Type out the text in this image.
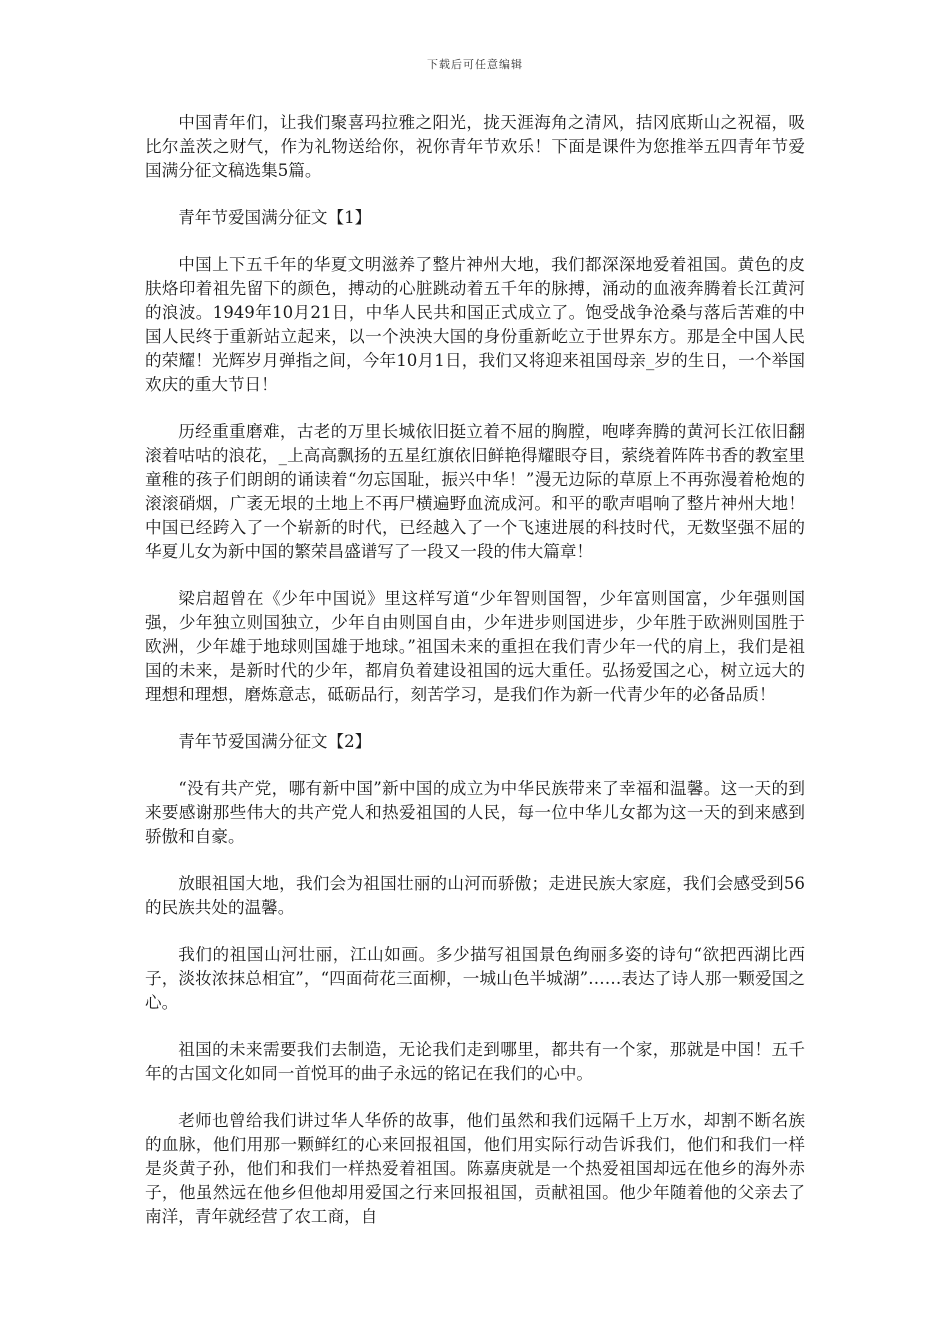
下载后可任意编辑

中国青年们，让我们聚喜玛拉雅之阳光，拢天涯海角之清风，拮冈底斯山之祝福，吸比尔盖茨之财气，作为礼物送给你，祝你青年节欢乐！下面是课件为您推举五四青年节爱国满分征文稿选集5篇。

青年节爱国满分征文【1】

中国上下五千年的华夏文明滋养了整片神州大地，我们都深深地爱着祖国。黄色的皮肤烙印着祖先留下的颜色，搏动的心脏跳动着五千年的脉搏，涌动的血液奔腾着长江黄河的浪波。1949年10月21日，中华人民共和国正式成立了。饱受战争沧桑与落后苦难的中国人民终于重新站立起来，以一个泱泱大国的身份重新屹立于世界东方。那是全中国人民的荣耀！光辉岁月弹指之间，今年10月1日，我们又将迎来祖国母亲_岁的生日，一个举国欢庆的重大节日！

历经重重磨难，古老的万里长城依旧挺立着不屈的胸膛，咆哮奔腾的黄河长江依旧翻滚着咕咕的浪花，_上高高飘扬的五星红旗依旧鲜艳得耀眼夺目，萦绕着阵阵书香的教室里童稚的孩子们朗朗的诵读着“勿忘国耻，振兴中华！”漫无边际的草原上不再弥漫着枪炮的滚滚硝烟，广袤无垠的土地上不再尸横遍野血流成河。和平的歌声唱响了整片神州大地！中国已经跨入了一个崭新的时代，已经越入了一个飞速进展的科技时代，无数坚强不屈的华夏儿女为新中国的繁荣昌盛谱写了一段又一段的伟大篇章！

梁启超曾在《少年中国说》里这样写道“少年智则国智，少年富则国富，少年强则国强，少年独立则国独立，少年自由则国自由，少年进步则国进步，少年胜于欧洲则国胜于欧洲，少年雄于地球则国雄于地球。”祖国未来的重担在我们青少年一代的肩上，我们是祖国的未来，是新时代的少年，都肩负着建设祖国的远大重任。弘扬爱国之心，树立远大的理想和理想，磨炼意志，砥砺品行，刻苦学习，是我们作为新一代青少年的必备品质！

青年节爱国满分征文【2】

“没有共产党，哪有新中国”新中国的成立为中华民族带来了幸福和温馨。这一天的到来要感谢那些伟大的共产党人和热爱祖国的人民，每一位中华儿女都为这一天的到来感到骄傲和自豪。

放眼祖国大地，我们会为祖国壮丽的山河而骄傲；走进民族大家庭，我们会感受到56的民族共处的温馨。

我们的祖国山河壮丽，江山如画。多少描写祖国景色绚丽多姿的诗句“欲把西湖比西子，淡妆浓抹总相宜”，“四面荷花三面柳，一城山色半城湖”……表达了诗人那一颗爱国之心。

祖国的未来需要我们去制造，无论我们走到哪里，都共有一个家，那就是中国！五千年的古国文化如同一首悦耳的曲子永远的铭记在我们的心中。

老师也曾给我们讲过华人华侨的故事，他们虽然和我们远隔千上万水，却割不断名族的血脉，他们用那一颗鲜红的心来回报祖国，他们用实际行动告诉我们，他们和我们一样是炎黄子孙，他们和我们一样热爱着祖国。陈嘉庚就是一个热爱祖国却远在他乡的海外赤子，他虽然远在他乡但他却用爱国之行来回报祖国，贡献祖国。他少年随着他的父亲去了南洋，青年就经营了农工商，自
